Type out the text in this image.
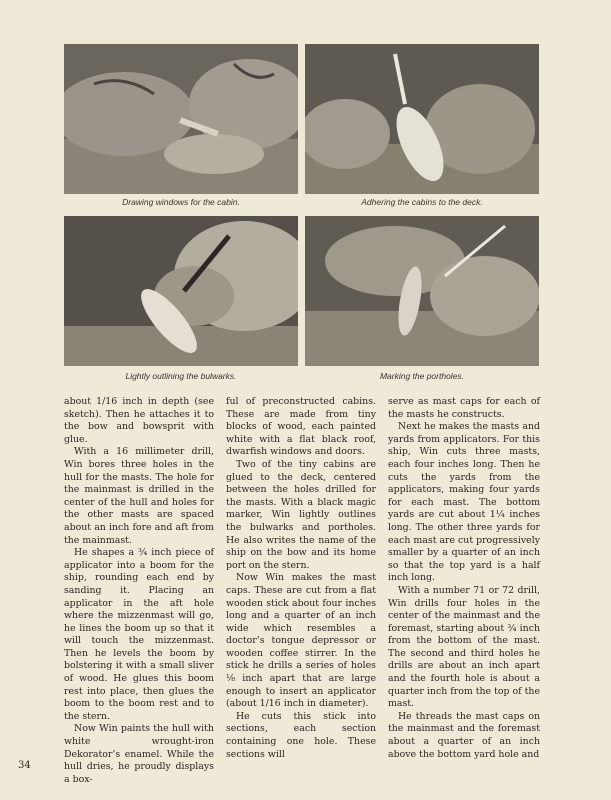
Drawing windows for the cabin.	Adhering the cabins to the deck.
Lightly outlining the bulwarks.	Marking the portholes.

about 1/16 inch in depth (see sketch). Then he attaches it to the bow and bowsprit with glue.

With a 16 millimeter drill, Win bores three holes in the hull for the masts. The hole for the mainmast is drilled in the center of the hull and holes for the other masts are spaced about an inch fore and aft from the mainmast.

He shapes a ¾ inch piece of applicator into a boom for the ship, rounding each end by sanding it. Placing an applicator in the aft hole where the mizzenmast will go, he lines the boom up so that it will touch the mizzenmast. Then he levels the boom by bolstering it with a small sliver of wood. He glues this boom rest into place, then glues the boom to the boom rest and to the stern.

Now Win paints the hull with white wrought-iron Dekorator’s enamel. While the hull dries, he proudly displays a box-

ful of preconstructed cabins. These are made from tiny blocks of wood, each painted white with a flat black roof, dwarfish windows and doors.

Two of the tiny cabins are glued to the deck, centered between the holes drilled for the masts. With a black magic marker, Win lightly outlines the bulwarks and portholes. He also writes the name of the ship on the bow and its home port on the stern.

Now Win makes the mast caps. These are cut from a flat wooden stick about four inches long and a quarter of an inch wide which resembles a doctor’s tongue depressor or wooden coffee stirrer. In the stick he drills a series of holes ⅛ inch apart that are large enough to insert an applicator (about 1/16 inch in diameter).

He cuts this stick into sections, each section containing one hole. These sections will

serve as mast caps for each of the masts he constructs.

Next he makes the masts and yards from applicators. For this ship, Win cuts three masts, each four inches long. Then he cuts the yards from the applicators, making four yards for each mast. The bottom yards are cut about 1¼ inches long. The other three yards for each mast are cut progressively smaller by a quarter of an inch so that the top yard is a half inch long.

With a number 71 or 72 drill, Win drills four holes in the center of the mainmast and the foremast, starting about ¾ inch from the bottom of the mast. The second and third holes he drills are about an inch apart and the fourth hole is about a quarter inch from the top of the mast.

He threads the mast caps on the mainmast and the foremast about a quarter of an inch above the bottom yard hole and

34
